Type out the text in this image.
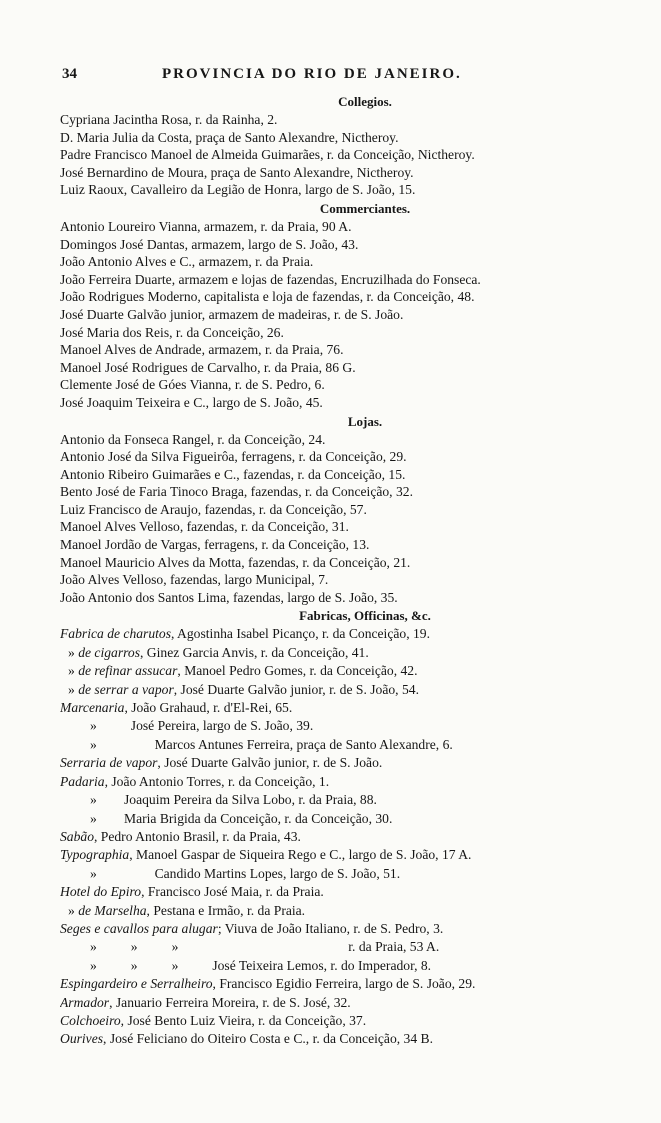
34	PROVINCIA DO RIO DE JANEIRO.
Collegios.
Cypriana Jacintha Rosa, r. da Rainha, 2.
D. Maria Julia da Costa, praça de Santo Alexandre, Nictheroy.
Padre Francisco Manoel de Almeida Guimarães, r. da Conceição, Nictheroy.
José Bernardino de Moura, praça de Santo Alexandre, Nictheroy.
Luiz Raoux, Cavalleiro da Legião de Honra, largo de S. João, 15.
Commerciantes.
Antonio Loureiro Vianna, armazem, r. da Praia, 90 A.
Domingos José Dantas, armazem, largo de S. João, 43.
João Antonio Alves e C., armazem, r. da Praia.
João Ferreira Duarte, armazem e lojas de fazendas, Encruzilhada do Fonseca.
João Rodrigues Moderno, capitalista e loja de fazendas, r. da Conceição, 48.
José Duarte Galvão junior, armazem de madeiras, r. de S. João.
José Maria dos Reis, r. da Conceição, 26.
Manoel Alves de Andrade, armazem, r. da Praia, 76.
Manoel José Rodrigues de Carvalho, r. da Praia, 86 G.
Clemente José de Góes Vianna, r. de S. Pedro, 6.
José Joaquim Teixeira e C., largo de S. João, 45.
Lojas.
Antonio da Fonseca Rangel, r. da Conceição, 24.
Antonio José da Silva Figueirôa, ferragens, r. da Conceição, 29.
Antonio Ribeiro Guimarães e C., fazendas, r. da Conceição, 15.
Bento José de Faria Tinoco Braga, fazendas, r. da Conceição, 32.
Luiz Francisco de Araujo, fazendas, r. da Conceição, 57.
Manoel Alves Velloso, fazendas, r. da Conceição, 31.
Manoel Jordão de Vargas, ferragens, r. da Conceição, 13.
Manoel Mauricio Alves da Motta, fazendas, r. da Conceição, 21.
João Alves Velloso, fazendas, largo Municipal, 7.
João Antonio dos Santos Lima, fazendas, largo de S. João, 35.
Fabricas, Officinas, &c.
Fabrica de charutos, Agostinha Isabel Picanço, r. da Conceição, 19.
» de cigarros, Ginez Garcia Anvis, r. da Conceição, 41.
» de refinar assucar, Manoel Pedro Gomes, r. da Conceição, 42.
» de serrar a vapor, José Duarte Galvão junior, r. de S. João, 54.
Marcenaria, João Grahaud, r. d'El-Rei, 65.
»          José Pereira, largo de S. João, 39.
»                 Marcos Antunes Ferreira, praça de Santo Alexandre, 6.
Serraria de vapor, José Duarte Galvão junior, r. de S. João.
Padaria, João Antonio Torres, r. da Conceição, 1.
»        Joaquim Pereira da Silva Lobo, r. da Praia, 88.
»        Maria Brigida da Conceição, r. da Conceição, 30.
Sabão, Pedro Antonio Brasil, r. da Praia, 43.
Typographia, Manoel Gaspar de Siqueira Rego e C., largo de S. João, 17 A.
»                 Candido Martins Lopes, largo de S. João, 51.
Hotel do Epiro, Francisco José Maia, r. da Praia.
» de Marselha, Pestana e Irmão, r. da Praia.
Seges e cavallos para alugar; Viuva de João Italiano, r. de S. Pedro, 3.
»          »          »                                                  r. da Praia, 53 A.
»          »          »          José Teixeira Lemos, r. do Imperador, 8.
Espingardeiro e Serralheiro, Francisco Egidio Ferreira, largo de S. João, 29.
Armador, Januario Ferreira Moreira, r. de S. José, 32.
Colchoeiro, José Bento Luiz Vieira, r. da Conceição, 37.
Ourives, José Feliciano do Oiteiro Costa e C., r. da Conceição, 34 B.
